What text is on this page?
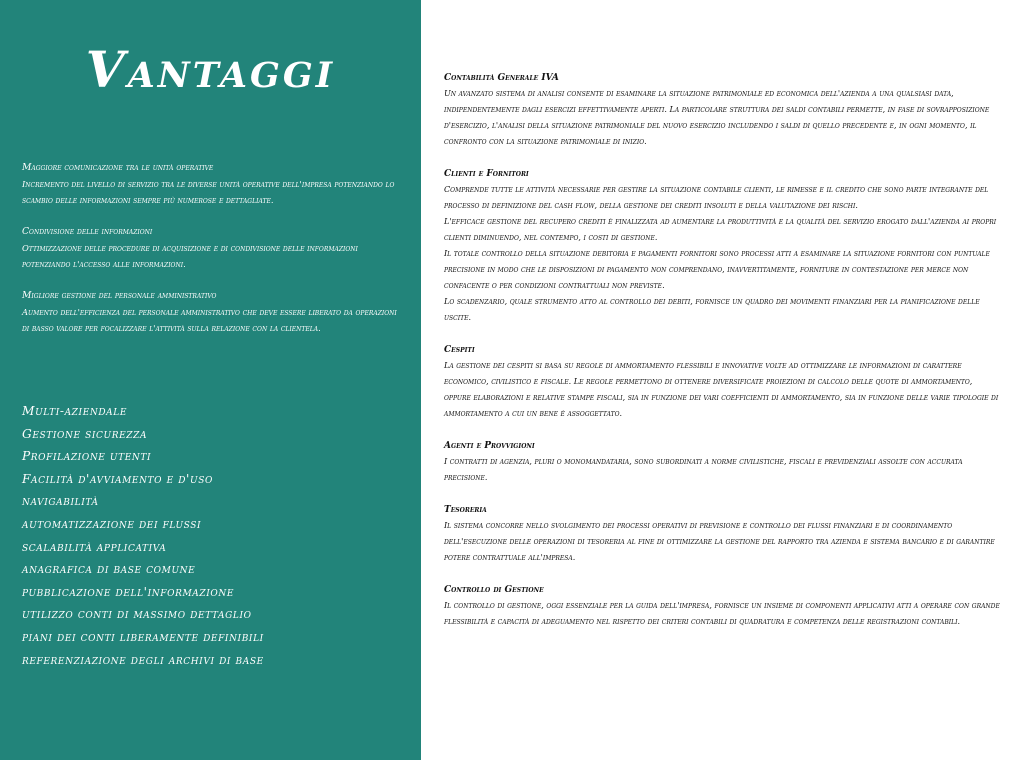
Vantaggi
Maggiore comunicazione tra le unità operative
Incremento del livello di servizio tra le diverse unità operative dell'impresa potenziando lo scambio delle informazioni sempre più numerose e dettagliate.
Condivisione delle informazioni
Ottimizzazione delle procedure di acquisizione e di condivisione delle informazioni potenziando l'accesso alle informazioni.
Migliore gestione del personale amministrativo
Aumento dell'efficienza del personale amministrativo che deve essere liberato da operazioni di basso valore per focalizzare l'attività sulla relazione con la clientela.
Multi-aziendale
Gestione sicurezza
Profilazione utenti
Facilità d'avviamento e d'uso
navigabilità
automatizzazione dei flussi
scalabilità applicativa
anagrafica di base comune
pubblicazione dell'informazione
utilizzo conti di massimo dettaglio
piani dei conti liberamente definibili
referenziazione degli archivi di base
Contabilità Generale IVA

Un avanzato sistema di analisi consente di esaminare la situazione patrimoniale ed economica dell'azienda a una qualsiasi data, indipendentemente dagli esercizi effettivamente aperti. La particolare struttura dei saldi contabili permette, in fase di sovrapposizione d'esercizio, l'analisi della situazione patrimoniale del nuovo esercizio includendo i saldi di quello precedente e, in ogni momento, il confronto con la situazione patrimoniale di inizio.

Clienti e Fornitori

Comprende tutte le attività necessarie per gestire la situazione contabile clienti, le rimesse e il credito che sono parte integrante del processo di definizione del cash flow, della gestione dei crediti insoluti e della valutazione dei rischi.

L'efficace gestione del recupero crediti è finalizzata ad aumentare la produttività e la qualità del servizio erogato dall'azienda ai propri clienti diminuendo, nel contempo, i costi di gestione.

Il totale controllo della situazione debitoria e pagamenti fornitori sono processi atti a esaminare la situazione fornitori con puntuale precisione in modo che le disposizioni di pagamento non comprendano, inavvertitamente, forniture in contestazione per merce non confacente o per condizioni contrattuali non previste.

Lo scadenzario, quale strumento atto al controllo dei debiti, fornisce un quadro dei movimenti finanziari per la pianificazione delle uscite.

Cespiti

La gestione dei cespiti si basa su regole di ammortamento flessibili e innovative volte ad ottimizzare le informazioni di carattere economico, civilistico e fiscale. Le regole permettono di ottenere diversificate proiezioni di calcolo delle quote di ammortamento, oppure elaborazioni e relative stampe fiscali, sia in funzione dei vari coefficienti di ammortamento, sia in funzione delle varie tipologie di ammortamento a cui un bene è assoggettato.

Agenti e Provvigioni

I contratti di agenzia, pluri o monomandataria, sono subordinati a norme civilistiche, fiscali e previdenziali assolte con accurata precisione.

Tesoreria

Il sistema concorre nello svolgimento dei processi operativi di previsione e controllo dei flussi finanziari e di coordinamento dell'esecuzione delle operazioni di tesoreria al fine di ottimizzare la gestione del rapporto tra azienda e sistema bancario e di garantire potere contrattuale all'impresa.

Controllo di Gestione

Il controllo di gestione, oggi essenziale per la guida dell'impresa, fornisce un insieme di componenti applicativi atti a operare con grande flessibilità e capacità di adeguamento nel rispetto dei criteri contabili di quadratura e competenza delle registrazioni contabili.
